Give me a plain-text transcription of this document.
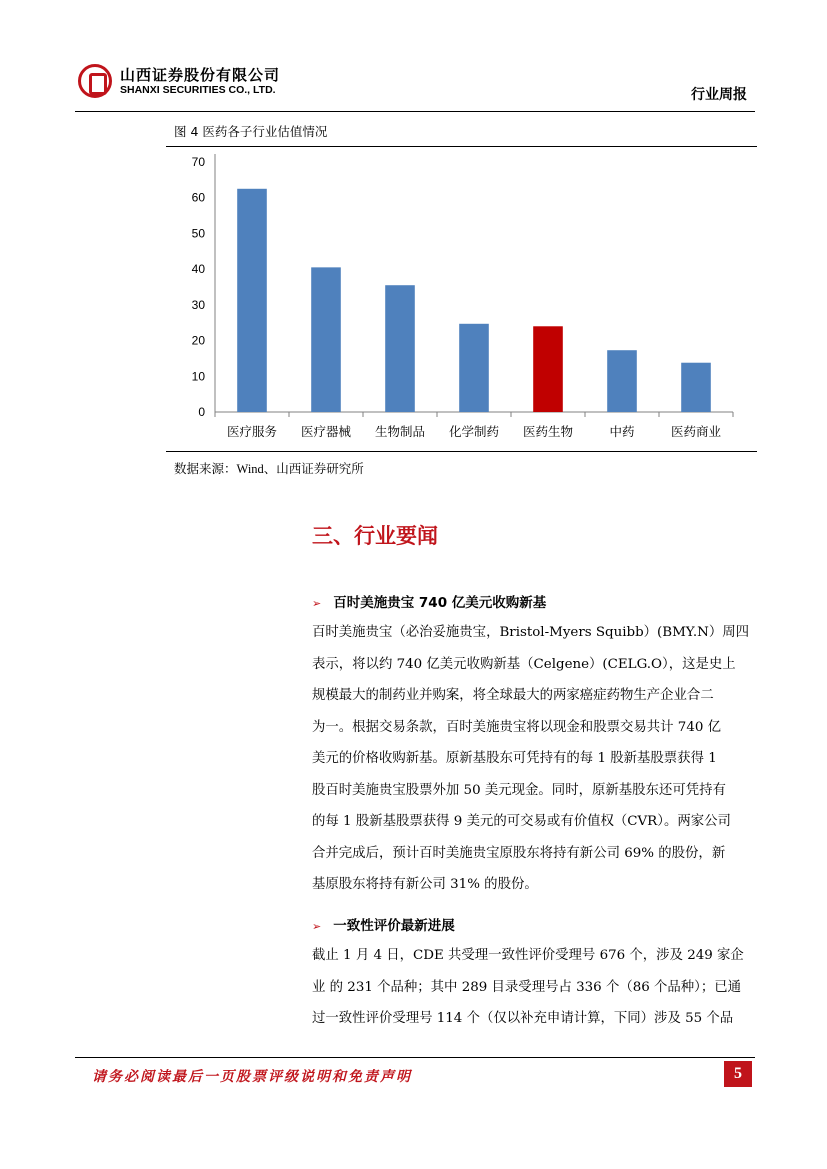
山西证券股份有限公司
SHANXI SECURITIES CO., LTD.	行业周报
图 4 医药各子行业估值情况
0
10
20
30
40
50
60
70
医疗服务 医疗器械 生物制品 化学制药 医药生物	中药	医药商业
数据来源：Wind、山西证券研究所
三、行业要闻
➢ 百时美施贵宝 740 亿美元收购新基
百时美施贵宝（必治妥施贵宝，Bristol-Myers Squibb）(BMY.N）周四
表示，将以约 740 亿美元收购新基（Celgene）(CELG.O），这是史上
规模最大的制药业并购案，将全球最大的两家癌症药物生产企业合二
为一。根据交易条款，百时美施贵宝将以现金和股票交易共计 740 亿
美元的价格收购新基。原新基股东可凭持有的每 1 股新基股票获得 1
股百时美施贵宝股票外加 50 美元现金。同时，原新基股东还可凭持有
的每 1 股新基股票获得 9 美元的可交易或有价值权（CVR）。两家公司
合并完成后，预计百时美施贵宝原股东将持有新公司 69% 的股份，新
基原股东将持有新公司 31% 的股份。
➢ 一致性评价最新进展
截止 1 月 4 日，CDE 共受理一致性评价受理号 676 个，涉及 249 家企
业 的 231 个品种；其中 289 目录受理号占 336 个（86 个品种）；已通
过一致性评价受理号 114 个（仅以补充申请计算，下同）涉及 55 个品
请务必阅读最后一页股票评级说明和免责声明	5
